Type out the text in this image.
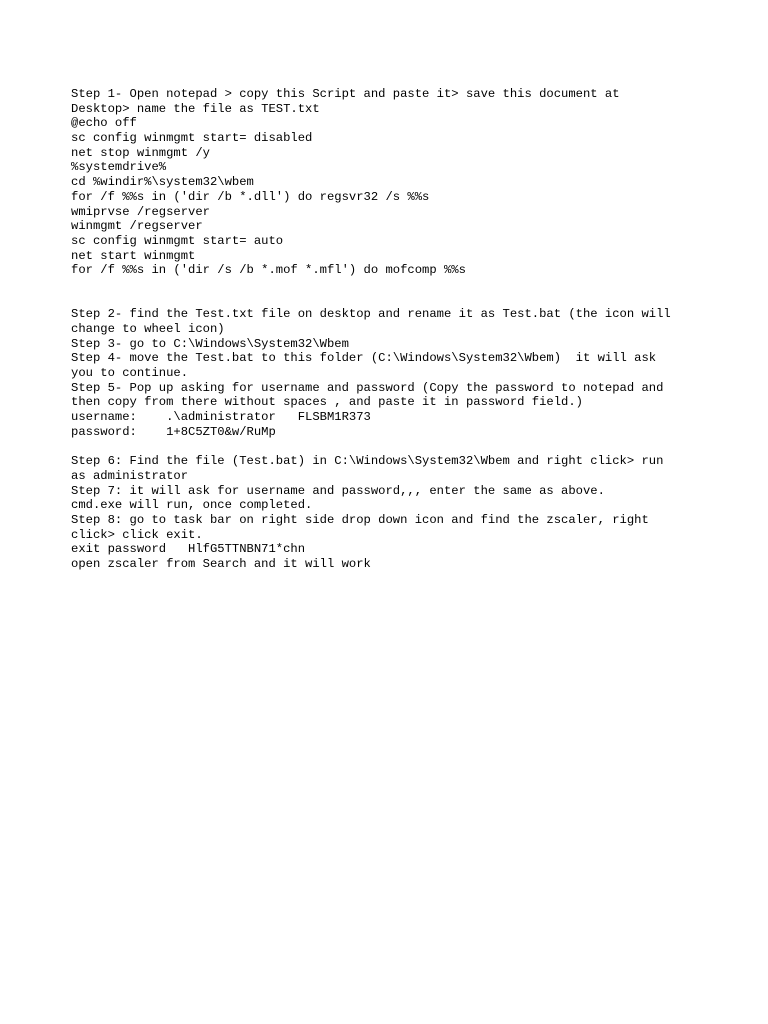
Step 1- Open notepad > copy this Script and paste it> save this document at
Desktop> name the file as TEST.txt
@echo off
sc config winmgmt start= disabled
net stop winmgmt /y
%systemdrive%
cd %windir%\system32\wbem
for /f %%s in ('dir /b *.dll') do regsvr32 /s %%s
wmiprvse /regserver
winmgmt /regserver
sc config winmgmt start= auto
net start winmgmt
for /f %%s in ('dir /s /b *.mof *.mfl') do mofcomp %%s
Step 2- find the Test.txt file on desktop and rename it as Test.bat (the icon will
change to wheel icon)
Step 3- go to C:\Windows\System32\Wbem
Step 4- move the Test.bat to this folder (C:\Windows\System32\Wbem)  it will ask
you to continue.
Step 5- Pop up asking for username and password (Copy the password to notepad and
then copy from there without spaces , and paste it in password field.)
username:    .\administrator   FLSBM1R373
password:    1+8C5ZT0&w/RuMp
Step 6: Find the file (Test.bat) in C:\Windows\System32\Wbem and right click> run
as administrator
Step 7: it will ask for username and password,,, enter the same as above.
cmd.exe will run, once completed.
Step 8: go to task bar on right side drop down icon and find the zscaler, right
click> click exit.
exit password   HlfG5TTNBN71*chn
open zscaler from Search and it will work
